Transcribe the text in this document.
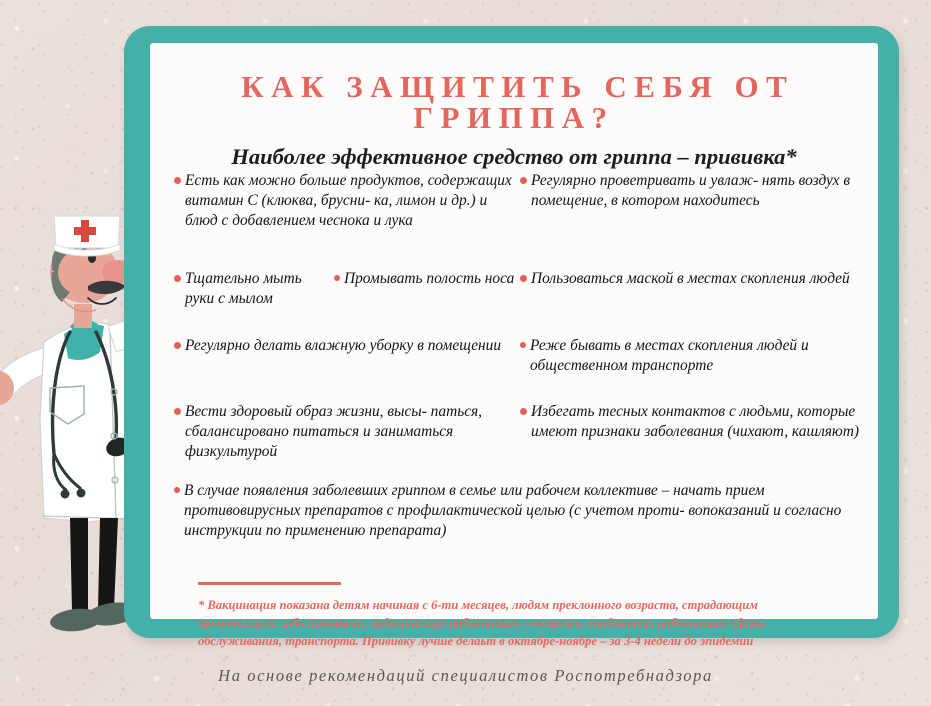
КАК ЗАЩИТИТЬ СЕБЯ ОТ ГРИППА?
Наиболее эффективное средство от гриппа – прививка*
Есть как можно больше продуктов, содержащих витамин С (клюква, брусни- ка, лимон и др.) и блюд с добавлением чеснока и лука
Регулярно проветривать и увлаж- нять воздух в помещение, в котором находитесь
Тщательно мыть руки с мылом
Промывать полость носа Пользоваться маской в местах скопления людей
Регулярно делать влажную уборку в помещении Реже бывать в местах скопления людей и общественном транспорте
Вести здоровый образ жизни, высы- паться, сбалансировано питаться и заниматься физкультурой
Избегать тесных контактов с людьми, которые имеют признаки заболевания (чихают, кашляют)
В случае появления заболевших гриппом в семье или рабочем коллективе – начать прием противовирусных препаратов с профилактической целью (с учетом проти- вопоказаний и согласно инструкции по применению препарата)
* Вакцинация показана детям начиная с 6-ти месяцев, людям преклонного возраста, страдающим хроническими заболеваниями, медицинским работникам, учителям, студентам, работникам сферы обслуживания, транспорта. Прививку лучше делаьт в октябре-ноябре – за 3-4 недели до эпидемии
На основе рекомендаций специалистов Роспотребнадзора
